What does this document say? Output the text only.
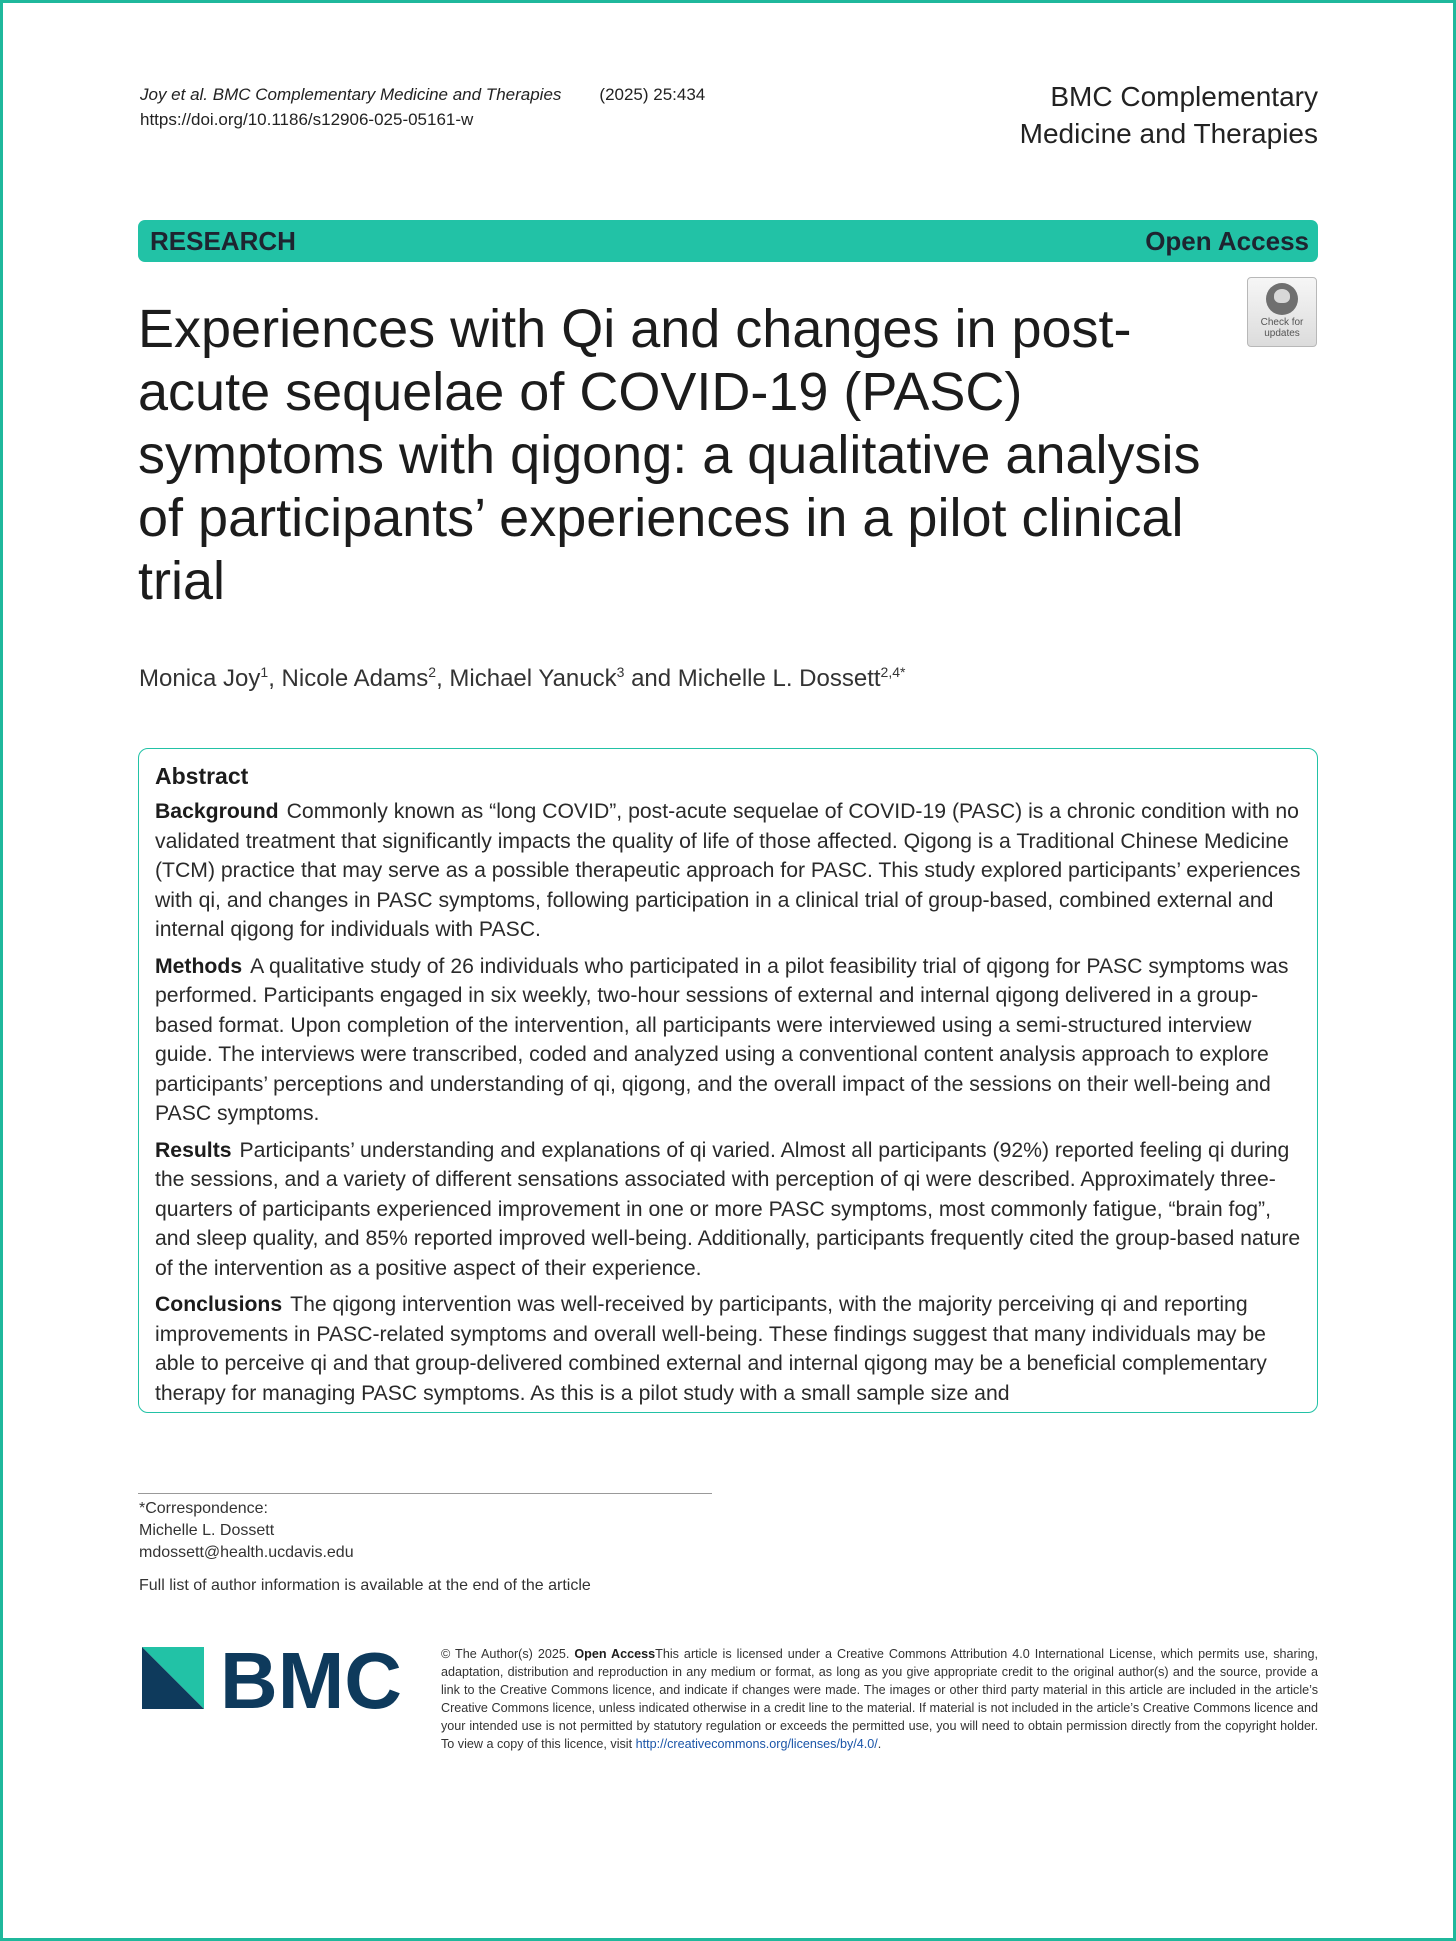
Joy et al. BMC Complementary Medicine and Therapies (2025) 25:434
https://doi.org/10.1186/s12906-025-05161-w
BMC Complementary
Medicine and Therapies
RESEARCH	Open Access
Check for
updates
Experiences with Qi and changes in post-acute sequelae of COVID-19 (PASC) symptoms with qigong: a qualitative analysis of participants’ experiences in a pilot clinical trial
Monica Joy$^1$, Nicole Adams$^2$, Michael Yanuck$^3$ and Michelle L. Dossett$^{2,4*}$
Abstract

Background Commonly known as “long COVID”, post-acute sequelae of COVID-19 (PASC) is a chronic condition with no validated treatment that significantly impacts the quality of life of those affected. Qigong is a Traditional Chinese Medicine (TCM) practice that may serve as a possible therapeutic approach for PASC. This study explored participants’ experiences with qi, and changes in PASC symptoms, following participation in a clinical trial of group-based, combined external and internal qigong for individuals with PASC.

Methods A qualitative study of 26 individuals who participated in a pilot feasibility trial of qigong for PASC symptoms was performed. Participants engaged in six weekly, two-hour sessions of external and internal qigong delivered in a group-based format. Upon completion of the intervention, all participants were interviewed using a semi-structured interview guide. The interviews were transcribed, coded and analyzed using a conventional content analysis approach to explore participants’ perceptions and understanding of qi, qigong, and the overall impact of the sessions on their well-being and PASC symptoms.

Results Participants’ understanding and explanations of qi varied. Almost all participants (92%) reported feeling qi during the sessions, and a variety of different sensations associated with perception of qi were described. Approximately three-quarters of participants experienced improvement in one or more PASC symptoms, most commonly fatigue, “brain fog”, and sleep quality, and 85% reported improved well-being. Additionally, participants frequently cited the group-based nature of the intervention as a positive aspect of their experience.

Conclusions The qigong intervention was well-received by participants, with the majority perceiving qi and reporting improvements in PASC-related symptoms and overall well-being. These findings suggest that many individuals may be able to perceive qi and that group-delivered combined external and internal qigong may be a beneficial complementary therapy for managing PASC symptoms. As this is a pilot study with a small sample size and

*Correspondence:
Michelle L. Dossett
mdossett@health.ucdavis.edu
Full list of author information is available at the end of the article
BMC	© The Author(s) 2025. Open AccessThis article is licensed under a Creative Commons Attribution 4.0 International License, which permits use, sharing, adaptation, distribution and reproduction in any medium or format, as long as you give appropriate credit to the original author(s) and the source, provide a link to the Creative Commons licence, and indicate if changes were made. The images or other third party material in this article are included in the article’s Creative Commons licence, unless indicated otherwise in a credit line to the material. If material is not included in the article’s Creative Commons licence and your intended use is not permitted by statutory regulation or exceeds the permitted use, you will need to obtain permission directly from the copyright holder. To view a copy of this licence, visit http://creativecommons.org/licenses/by/4.0/.
